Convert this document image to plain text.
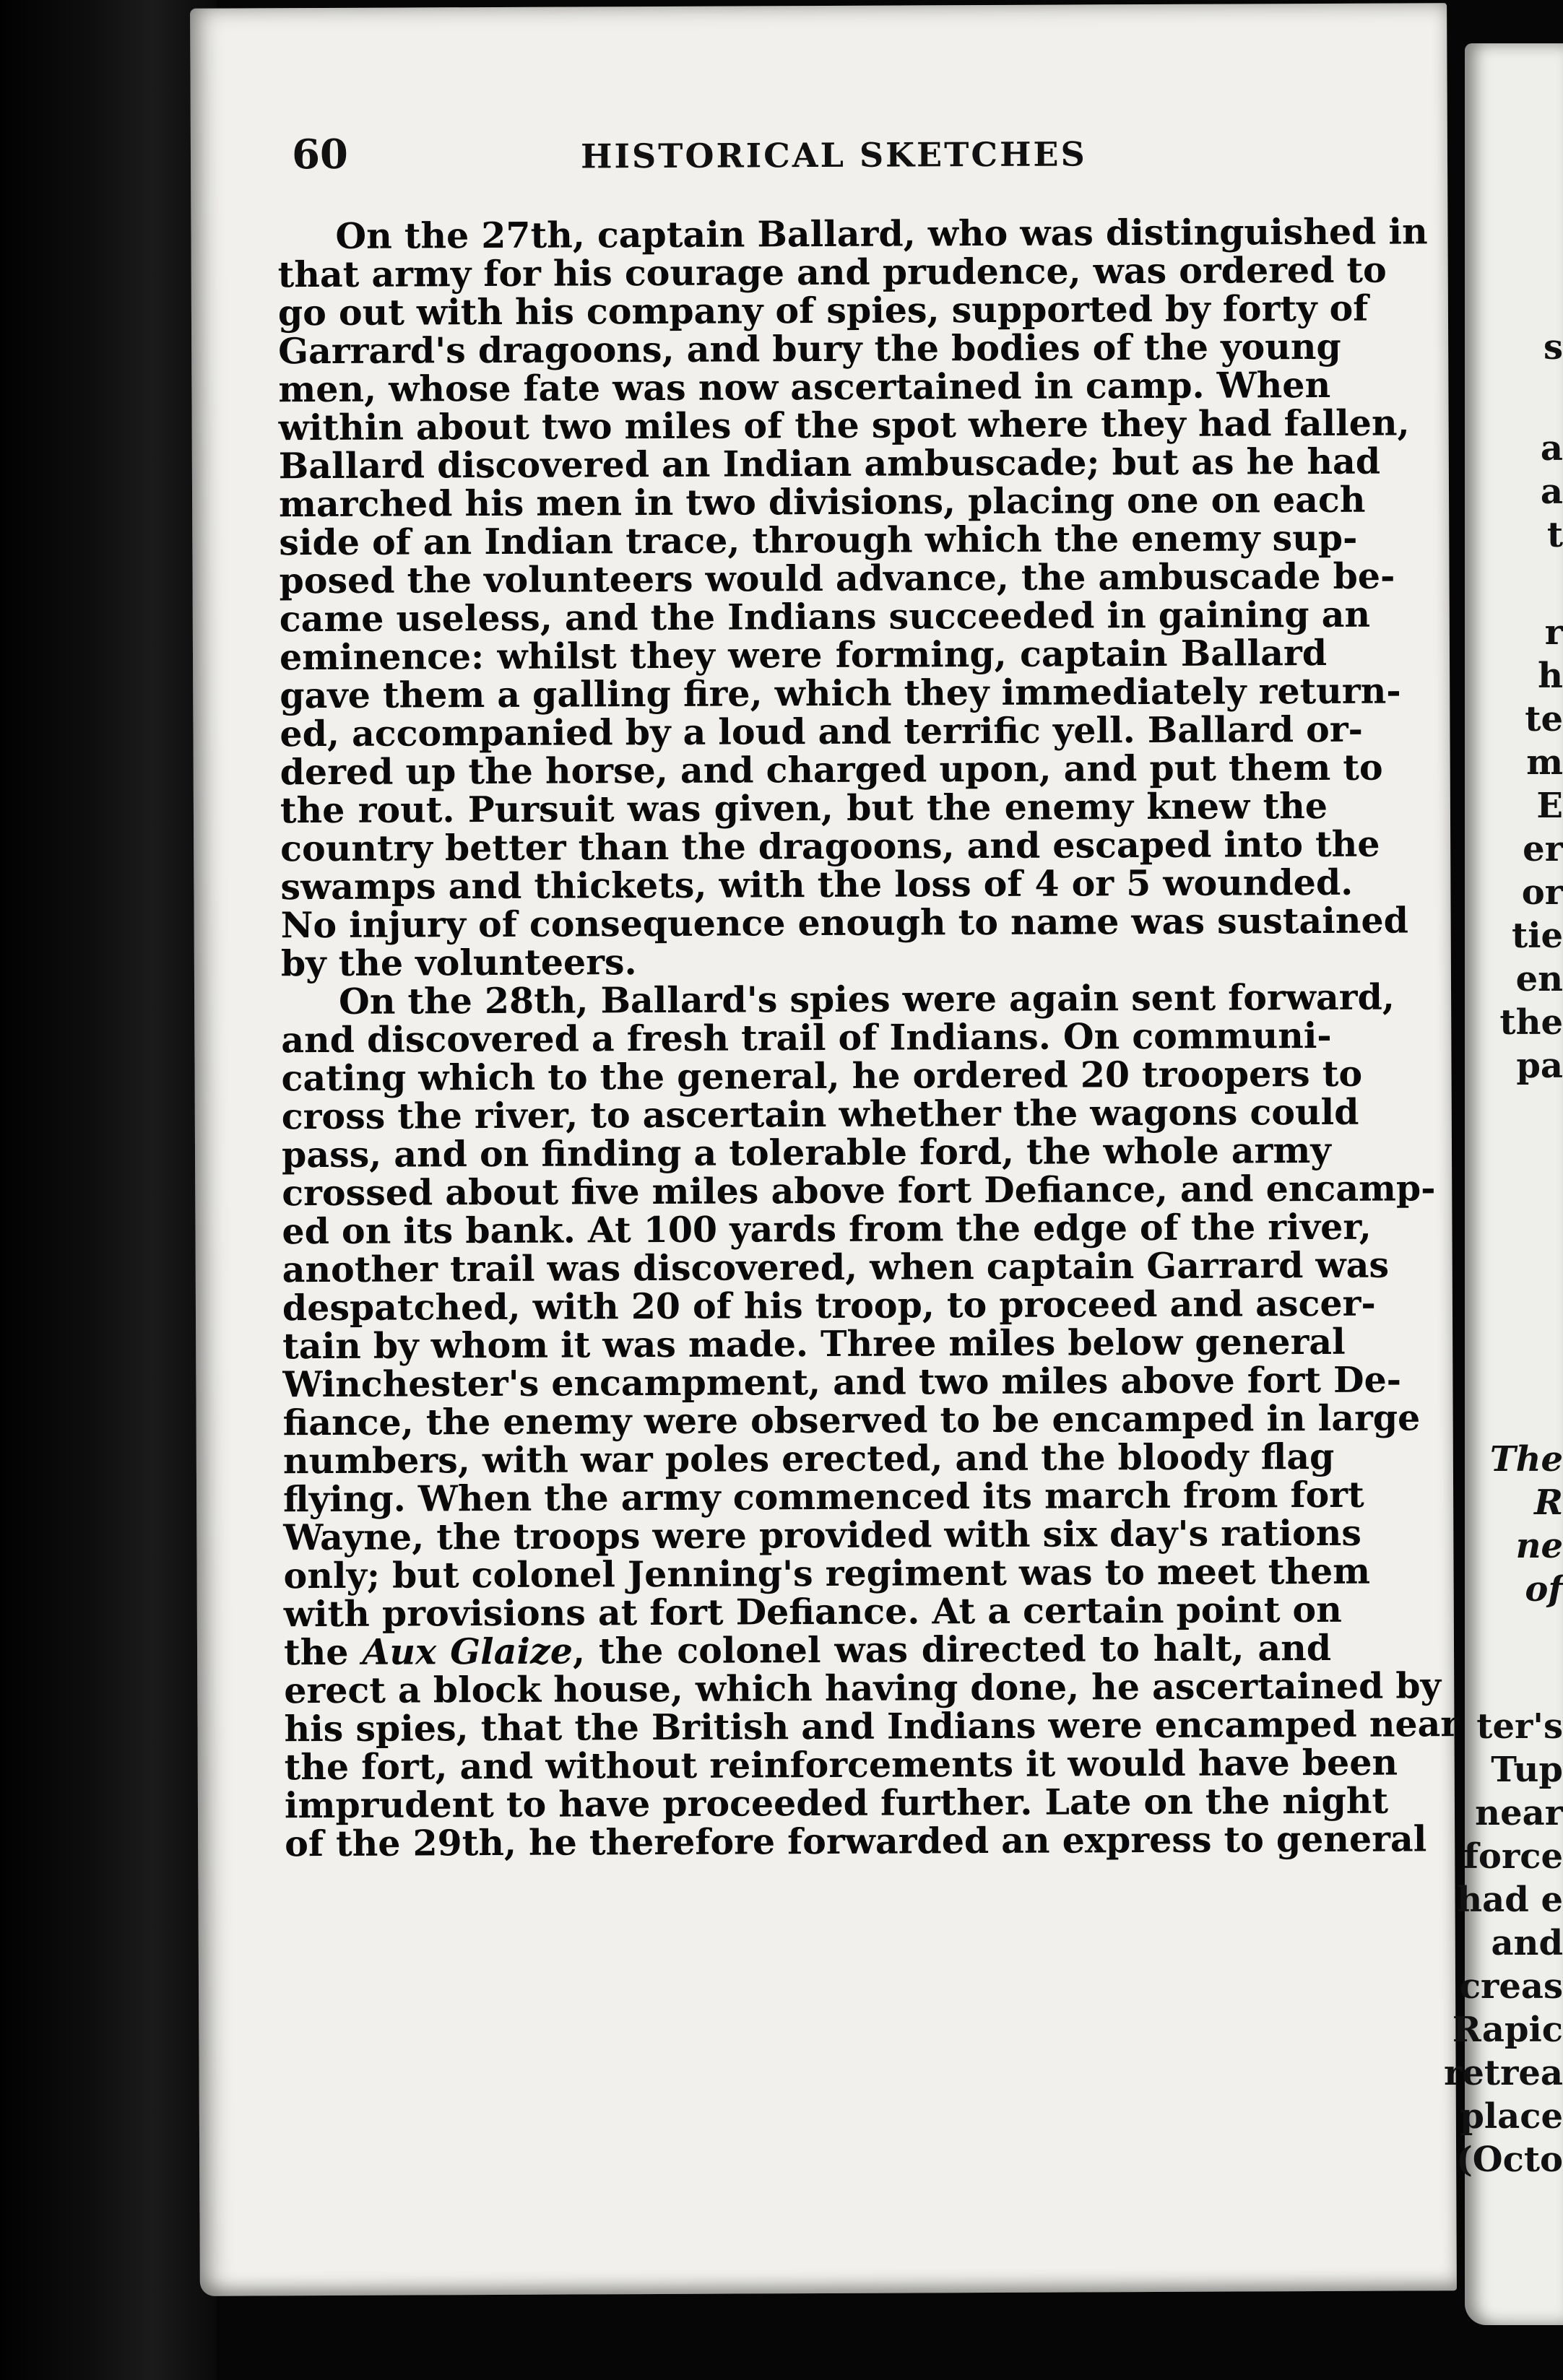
60	HISTORICAL SKETCHES
On the 27th, captain Ballard, who was distinguished in
that army for his courage and prudence, was ordered to
go out with his company of spies, supported by forty of
Garrard's dragoons, and bury the bodies of the young
men, whose fate was now ascertained in camp. When
within about two miles of the spot where they had fallen,
Ballard discovered an Indian ambuscade; but as he had
marched his men in two divisions, placing one on each
side of an Indian trace, through which the enemy sup-
posed the volunteers would advance, the ambuscade be-
came useless, and the Indians succeeded in gaining an
eminence: whilst they were forming, captain Ballard
gave them a galling fire, which they immediately return-
ed, accompanied by a loud and terrific yell. Ballard or-
dered up the horse, and charged upon, and put them to
the rout. Pursuit was given, but the enemy knew the
country better than the dragoons, and escaped into the
swamps and thickets, with the loss of 4 or 5 wounded.
No injury of consequence enough to name was sustained
by the volunteers.
On the 28th, Ballard's spies were again sent forward,
and discovered a fresh trail of Indians. On communi-
cating which to the general, he ordered 20 troopers to
cross the river, to ascertain whether the wagons could
pass, and on finding a tolerable ford, the whole army
crossed about five miles above fort Defiance, and encamp-
ed on its bank. At 100 yards from the edge of the river,
another trail was discovered, when captain Garrard was
despatched, with 20 of his troop, to proceed and ascer-
tain by whom it was made. Three miles below general
Winchester's encampment, and two miles above fort De-
fiance, the enemy were observed to be encamped in large
numbers, with war poles erected, and the bloody flag
flying. When the army commenced its march from fort
Wayne, the troops were provided with six day's rations
only; but colonel Jenning's regiment was to meet them
with provisions at fort Defiance. At a certain point on
the Aux Glaize, the colonel was directed to halt, and
erect a block house, which having done, he ascertained by
his spies, that the British and Indians were encamped near
the fort, and without reinforcements it would have been
imprudent to have proceeded further. Late on the night
of the 29th, he therefore forwarded an express to general
s
a
a
t
r
h
te
m
E
er
or
tie
en
the
pa
The
R
ne
of
ter's
Tup
near
force
had e
and
creas
Rapic
retrea
place
(Octo
